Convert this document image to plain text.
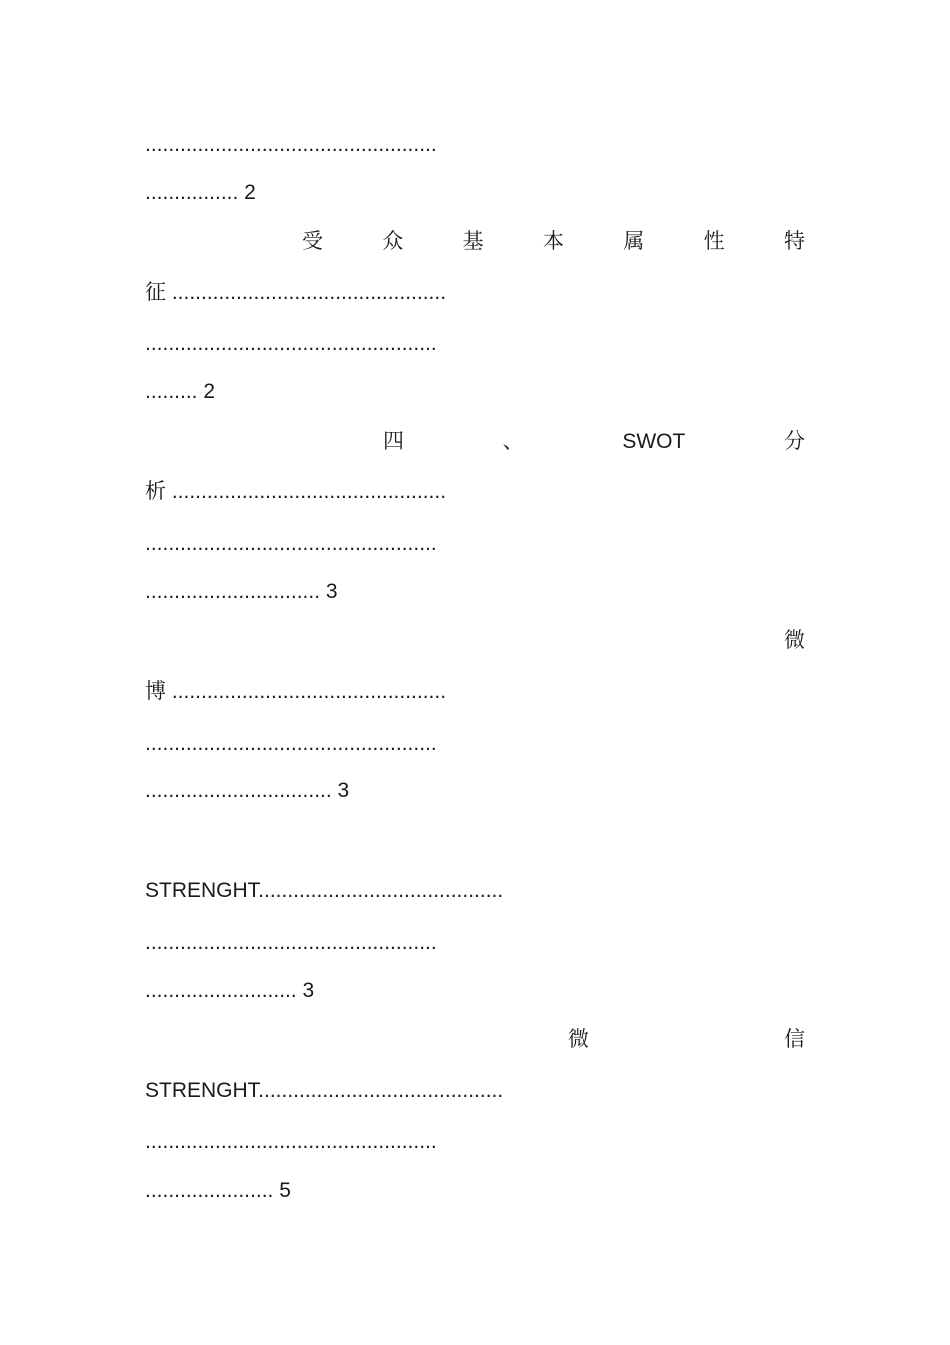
..................................................
................ 2
受	众	基	本	属	性	特
征 ...............................................
..................................................
......... 2
四	、	SWOT	分
析 ...............................................
..................................................
.............................. 3
微
博 ...............................................
..................................................
................................ 3
STRENGHT..........................................
..................................................
.......................... 3
微	信
STRENGHT..........................................
..................................................
...................... 5
